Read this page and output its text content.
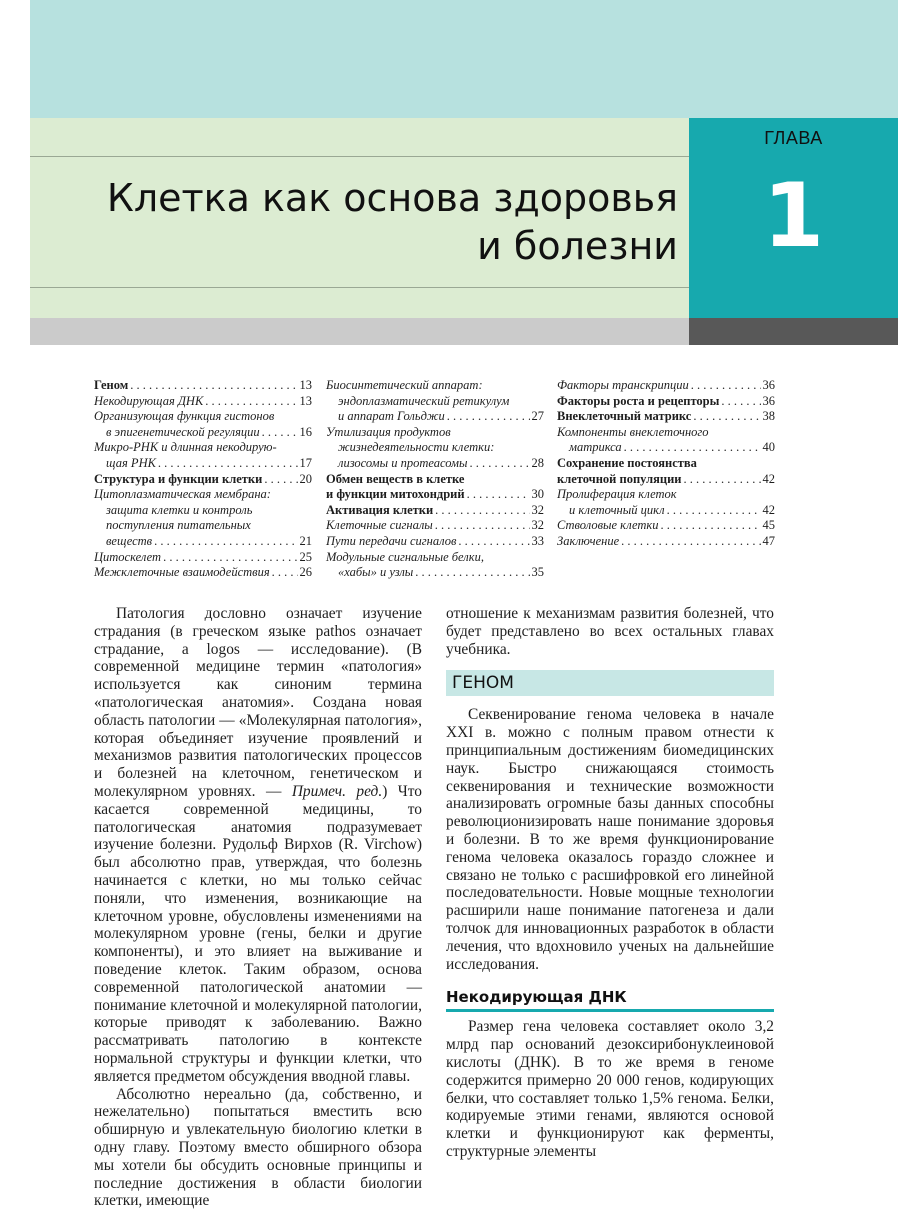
ГЛАВА
1
Клетка как основа здоровья
и болезни
Геном . . .	13
Некодирующая ДНК . . .	13
Организующая функция гистонов
в эпигенетической регуляции . . .	16
Микро-РНК и длинная некодирую-
щая РНК . . .	17
Структура и функции клетки . . .	20
Цитоплазматическая мембрана:
защита клетки и контроль
поступления питательных
веществ . . .	21
Цитоскелет . . .	25
Межклеточные взаимодействия . . . 26
Биосинтетический аппарат:
эндоплазматический ретикулум
и аппарат Гольджи . . .	27
Утилизация продуктов
жизнедеятельности клетки:
лизосомы и протеасомы . . .	28
Обмен веществ в клетке
и функции митохондрий . . .	30
Активация клетки . . .	32
Клеточные сигналы . . .	32
Пути передачи сигналов . . .	33
Модульные сигнальные белки,
«хабы» и узлы . . .	35
Факторы транскрипции . . .	36
Факторы роста и рецепторы . . .	36
Внеклеточный матрикс . . .	38
Компоненты внеклеточного
матрикса . . .	40
Сохранение постоянства
клеточной популяции . . .	42
Пролиферация клеток
и клеточный цикл . . .	42
Стволовые клетки . . .	45
Заключение . . .	47

Патология дословно означает изучение страдания (в греческом языке pathos означает страдание, а logos — исследование). (В современной медицине термин «патология» используется как синоним термина «патологическая анатомия». Создана новая область патологии — «Молекулярная патология», которая объединяет изучение проявлений и механизмов развития патологических процессов и болезней на клеточном, генетическом и молекулярном уровнях. — Примеч. ред.) Что касается современной медицины, то патологическая анатомия подразумевает изучение болезни. Рудольф Вирхов (R. Virchow) был абсолютно прав, утверждая, что болезнь начинается с клетки, но мы только сейчас поняли, что изменения, возникающие на клеточном уровне, обусловлены изменениями на молекулярном уровне (гены, белки и другие компоненты), и это влияет на выживание и поведение клеток. Таким образом, основа современной патологической анатомии — понимание клеточной и молекулярной патологии, которые приводят к заболеванию. Важно рассматривать патологию в контексте нормальной структуры и функции клетки, что является предметом обсуждения вводной главы.

Абсолютно нереально (да, собственно, и нежелательно) попытаться вместить всю обширную и увлекательную биологию клетки в одну главу. Поэтому вместо обширного обзора мы хотели бы обсудить основные принципы и последние достижения в области биологии клетки, имеющие

отношение к механизмам развития болезней, что будет представлено во всех остальных главах учебника.

ГЕНОМ

Секвенирование генома человека в начале XXI в. можно с полным правом отнести к принципиальным достижениям биомедицинских наук. Быстро снижающаяся стоимость секвенирования и технические возможности анализировать огромные базы данных способны революционизировать наше понимание здоровья и болезни. В то же время функционирование генома человека оказалось гораздо сложнее и связано не только с расшифровкой его линейной последовательности. Новые мощные технологии расширили наше понимание патогенеза и дали толчок для инновационных разработок в области лечения, что вдохновило ученых на дальнейшие исследования.

Некодирующая ДНК

Размер гена человека составляет около 3,2 млрд пар оснований дезоксирибонуклеиновой кислоты (ДНК). В то же время в геноме содержится примерно 20 000 генов, кодирующих белки, что составляет только 1,5% генома. Белки, кодируемые этими генами, являются основой клетки и функционируют как ферменты, структурные элементы
